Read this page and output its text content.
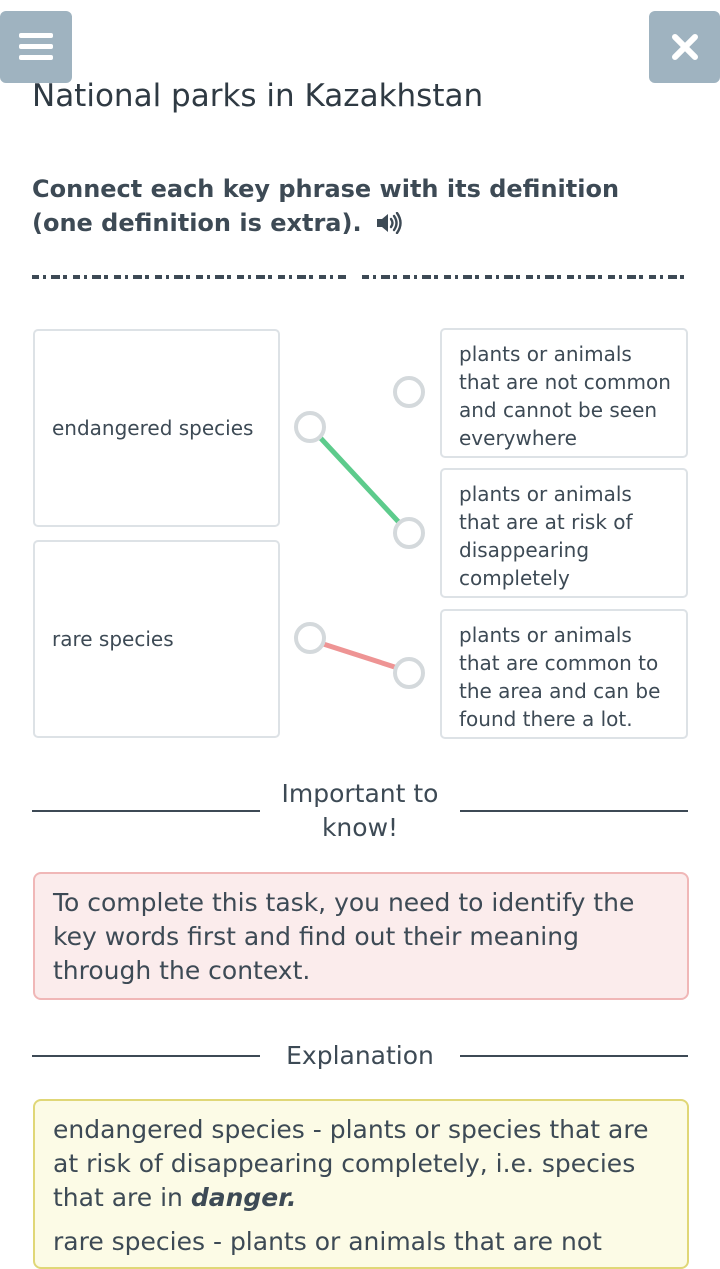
National parks in Kazakhstan
Connect each key phrase with its definition (one definition is extra).
endangered species
rare species
plants or animals that are not common and cannot be seen everywhere
plants or animals that are at risk of disappearing completely
plants or animals that are common to the area and can be found there a lot.
Important to know!
To complete this task, you need to identify the key words first and find out their meaning through the context.
Explanation

endangered species - plants or species that are at risk of disappearing completely, i.e. species that are in danger.

rare species - plants or animals that are not
